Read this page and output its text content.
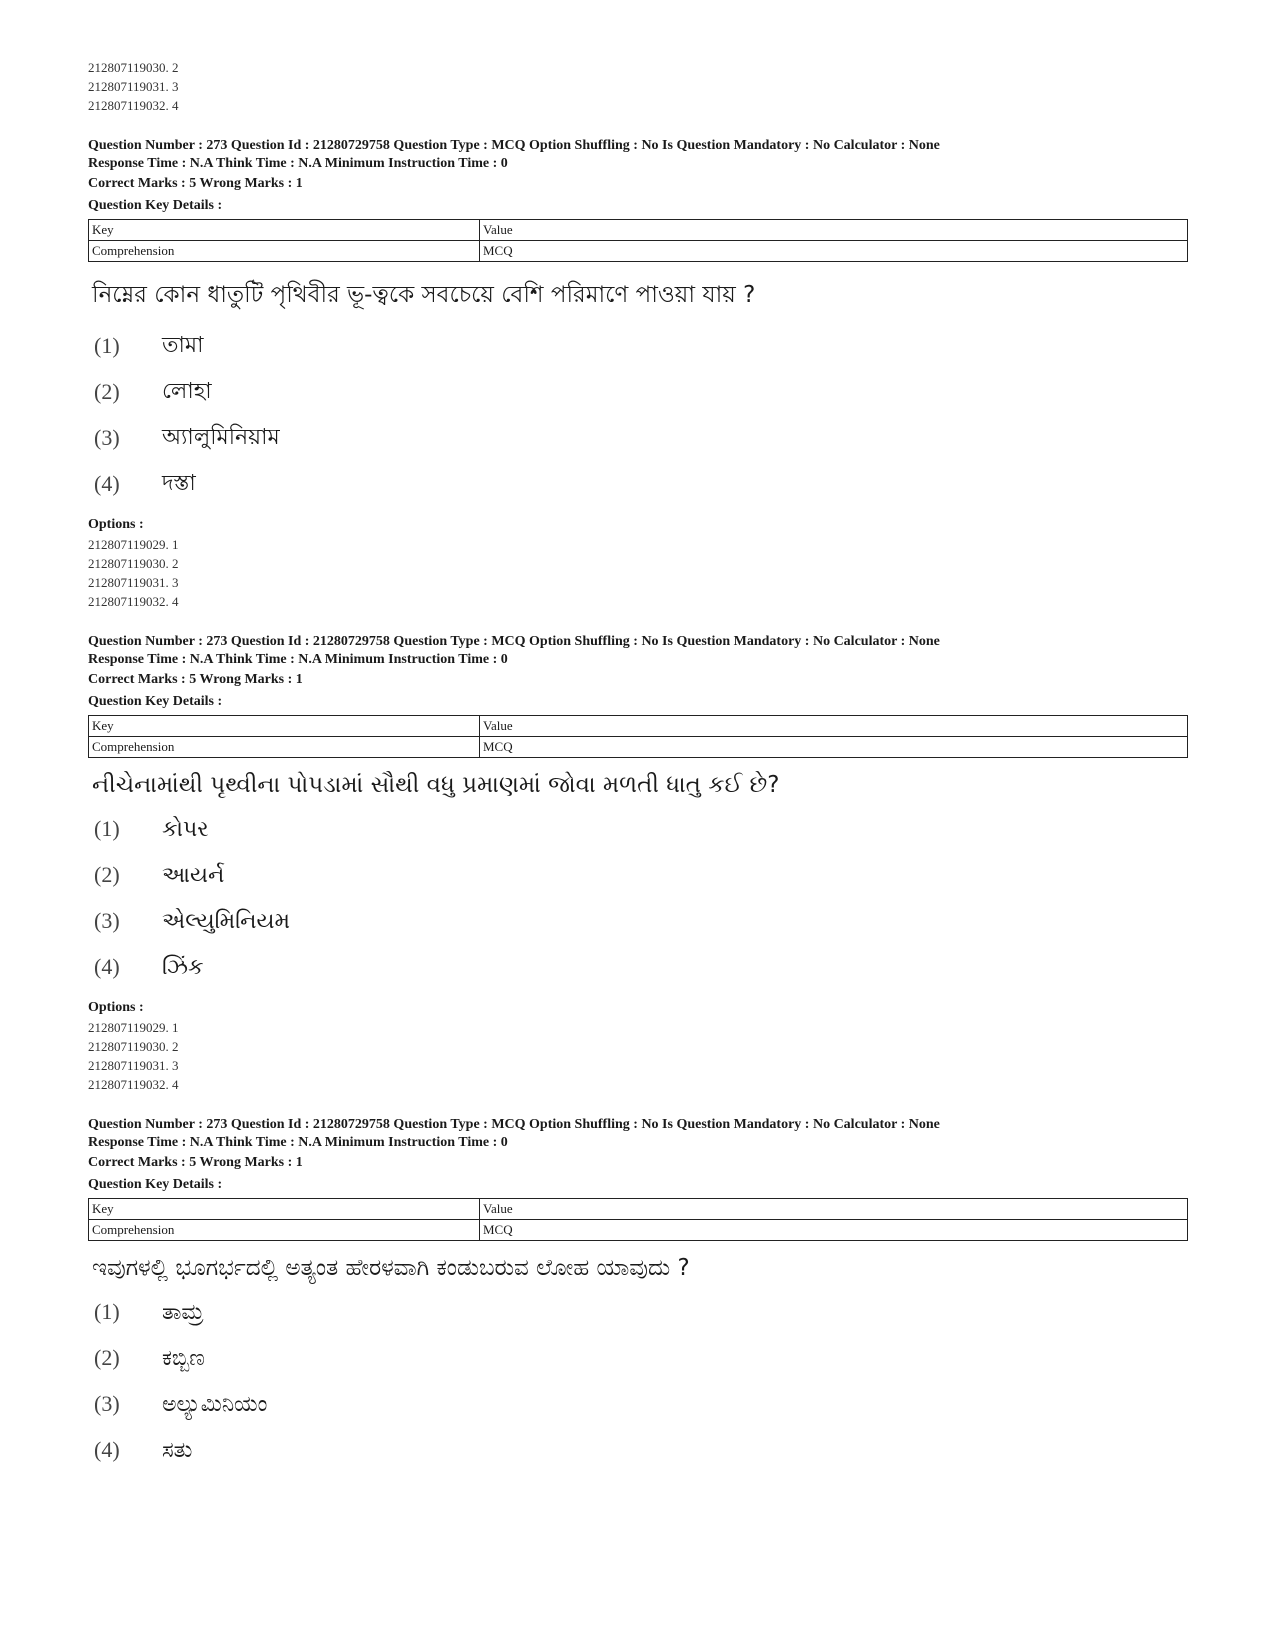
212807119030. 2
212807119031. 3
212807119032. 4
Question Number : 273 Question Id : 21280729758 Question Type : MCQ Option Shuffling : No Is Question Mandatory : No Calculator : None
Response Time : N.A Think Time : N.A Minimum Instruction Time : 0
Correct Marks : 5 Wrong Marks : 1
Question Key Details :
Key	Value
Comprehension	MCQ
নিম্নের কোন ধাতুটি পৃথিবীর ভূ-ত্বকে সবচেয়ে বেশি পরিমাণে পাওয়া যায় ?
(1)	তামা
(2)	লোহা
(3)	অ্যালুমিনিয়াম
(4)	দস্তা
Options :
212807119029. 1
212807119030. 2
212807119031. 3
212807119032. 4
Question Number : 273 Question Id : 21280729758 Question Type : MCQ Option Shuffling : No Is Question Mandatory : No Calculator : None
Response Time : N.A Think Time : N.A Minimum Instruction Time : 0
Correct Marks : 5 Wrong Marks : 1
Question Key Details :
Key	Value
Comprehension	MCQ
નીચેનામાંથી પૃથ્વીના પોપડામાં સૌથી વધુ પ્રમાણમાં જોવા મળતી ધાતુ કઈ છે?
(1)	કોપર
(2)	આયર્ન
(3)	એલ્યુમિનિયમ
(4)	ઝિંક
Options :
212807119029. 1
212807119030. 2
212807119031. 3
212807119032. 4
Question Number : 273 Question Id : 21280729758 Question Type : MCQ Option Shuffling : No Is Question Mandatory : No Calculator : None
Response Time : N.A Think Time : N.A Minimum Instruction Time : 0
Correct Marks : 5 Wrong Marks : 1
Question Key Details :
Key	Value
Comprehension	MCQ
ಇವುಗಳಲ್ಲಿ ಭೂಗರ್ಭದಲ್ಲಿ ಅತ್ಯಂತ ಹೇರಳವಾಗಿ ಕಂಡುಬರುವ ಲೋಹ ಯಾವುದು ?
(1)	ತಾಮ್ರ
(2)	ಕಬ್ಬಿಣ
(3)	ಅಲ್ಯುಮಿನಿಯಂ
(4)	ಸತು
